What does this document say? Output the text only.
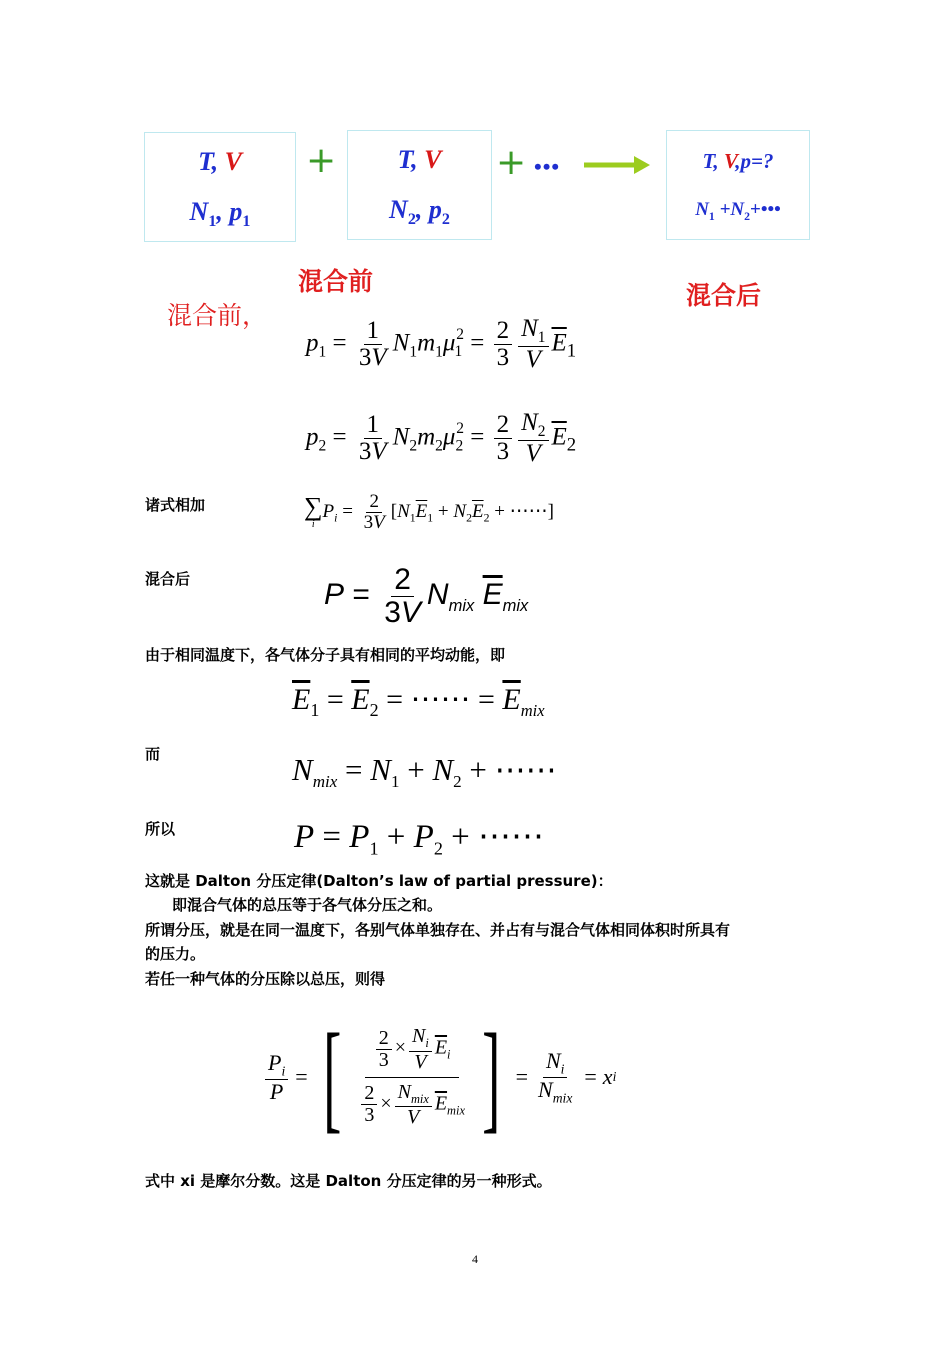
T, V
$N_1$, $p_1$
+	T, V
$N_2$, $p_2$
+ •••	T, V,p=?
$N_1$ $+N_2+•••$
混合前	混合后
混合前，
$p_1 = \frac{1}{3V} N_1m_1\mu_1^2 = \frac{2}{3} \frac{N_1}{V} \overline{E}_1$
$p_2 = \frac{1}{3V} N_2m_2\mu_2^2 = \frac{2}{3} \frac{N_2}{V} \overline{E}_2$
诸式相加	∑
i
$P_i = \frac{2}{3V} [N_1\overline{E}_1 + N_2\overline{E}_2$ + ⋯⋯]
混合后	$P = \frac{2}{3V} N_{mix}$ $\overline{E}_{mix}$
由于相同温度下，各气体分子具有相同的平均动能，即
$\overline{E}_1 = \overline{E}_2$ = ⋯⋯ = $\overline{E}_{mix}$
而	$N_{mix} = N_1 + N_2$ + ⋯⋯
所以	$P = P_1 + P_2$ + ⋯⋯
这就是 Dalton 分压定律(Dalton’s law of partial pressure)：
即混合气体的总压等于各气体分压之和。
所谓分压，就是在同一温度下，各别气体单独存在、并占有与混合气体相同体积时所具有
的压力。
若任一种气体的分压除以总压，则得
$\frac{P_i}{P}$ = [ $\frac{\frac{2}{3} \times \frac{N_i}{V} \overline{E}_i}{\frac{2}{3} \times \frac{N_{mix}}{V} \overline{E}_{mix}}$ ] = $\frac{N_i}{N_{mix}} = x$ i
式中 xi 是摩尔分数。这是 Dalton 分压定律的另一种形式。
4
